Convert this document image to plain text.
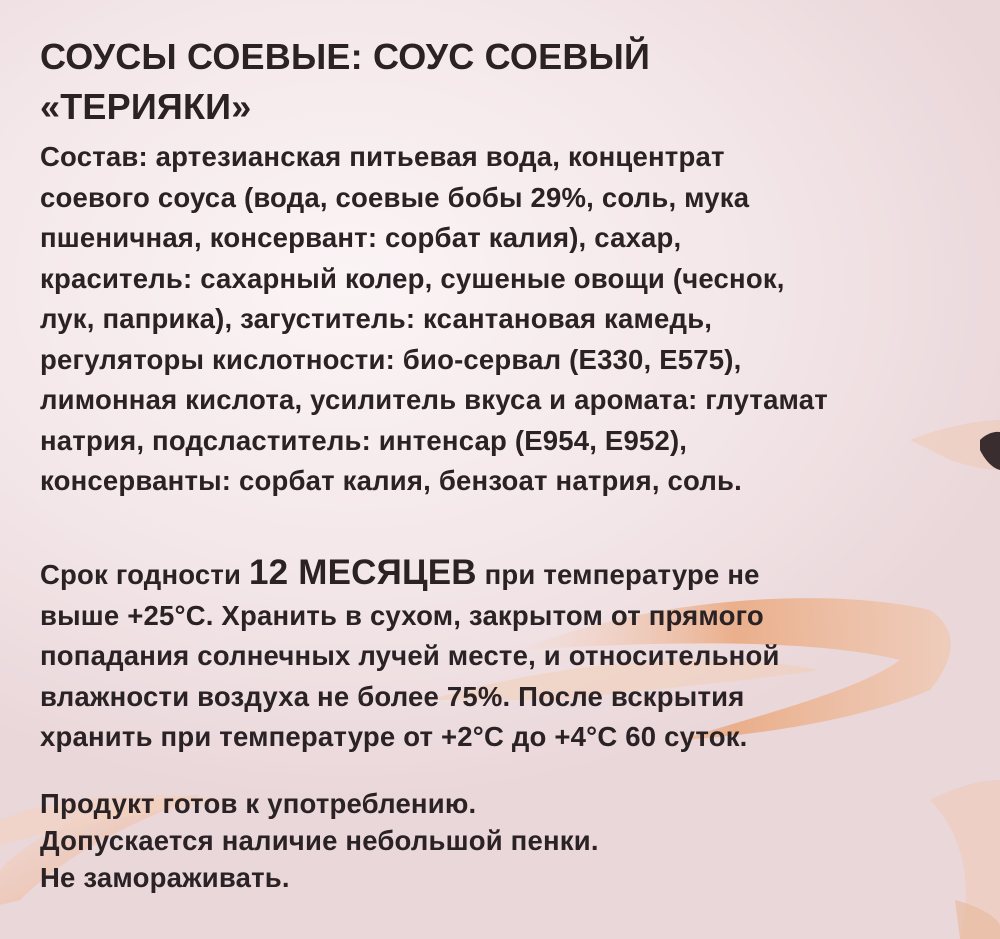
СОУСЫ СОЕВЫЕ: СОУС СОЕВЫЙ
«ТЕРИЯКИ»
Состав: артезианская питьевая вода, концентрат
соевого соуса (вода, соевые бобы 29%, соль, мука
пшеничная, консервант: сорбат калия), сахар,
краситель: сахарный колер, сушеные овощи (чеснок,
лук, паприка), загуститель: ксантановая камедь,
регуляторы кислотности: био-сервал (Е330, Е575),
лимонная кислота, усилитель вкуса и аромата: глутамат
натрия, подсластитель: интенсар (Е954, Е952),
консерванты: сорбат калия, бензоат натрия, соль.
Срок годности 12 МЕСЯЦЕВ при температуре не
выше +25°С. Хранить в сухом, закрытом от прямого
попадания солнечных лучей месте, и относительной
влажности воздуха не более 75%. После вскрытия
хранить при температуре от +2°С до +4°С 60 суток.
Продукт готов к употреблению.
Допускается наличие небольшой пенки.
Не замораживать.
